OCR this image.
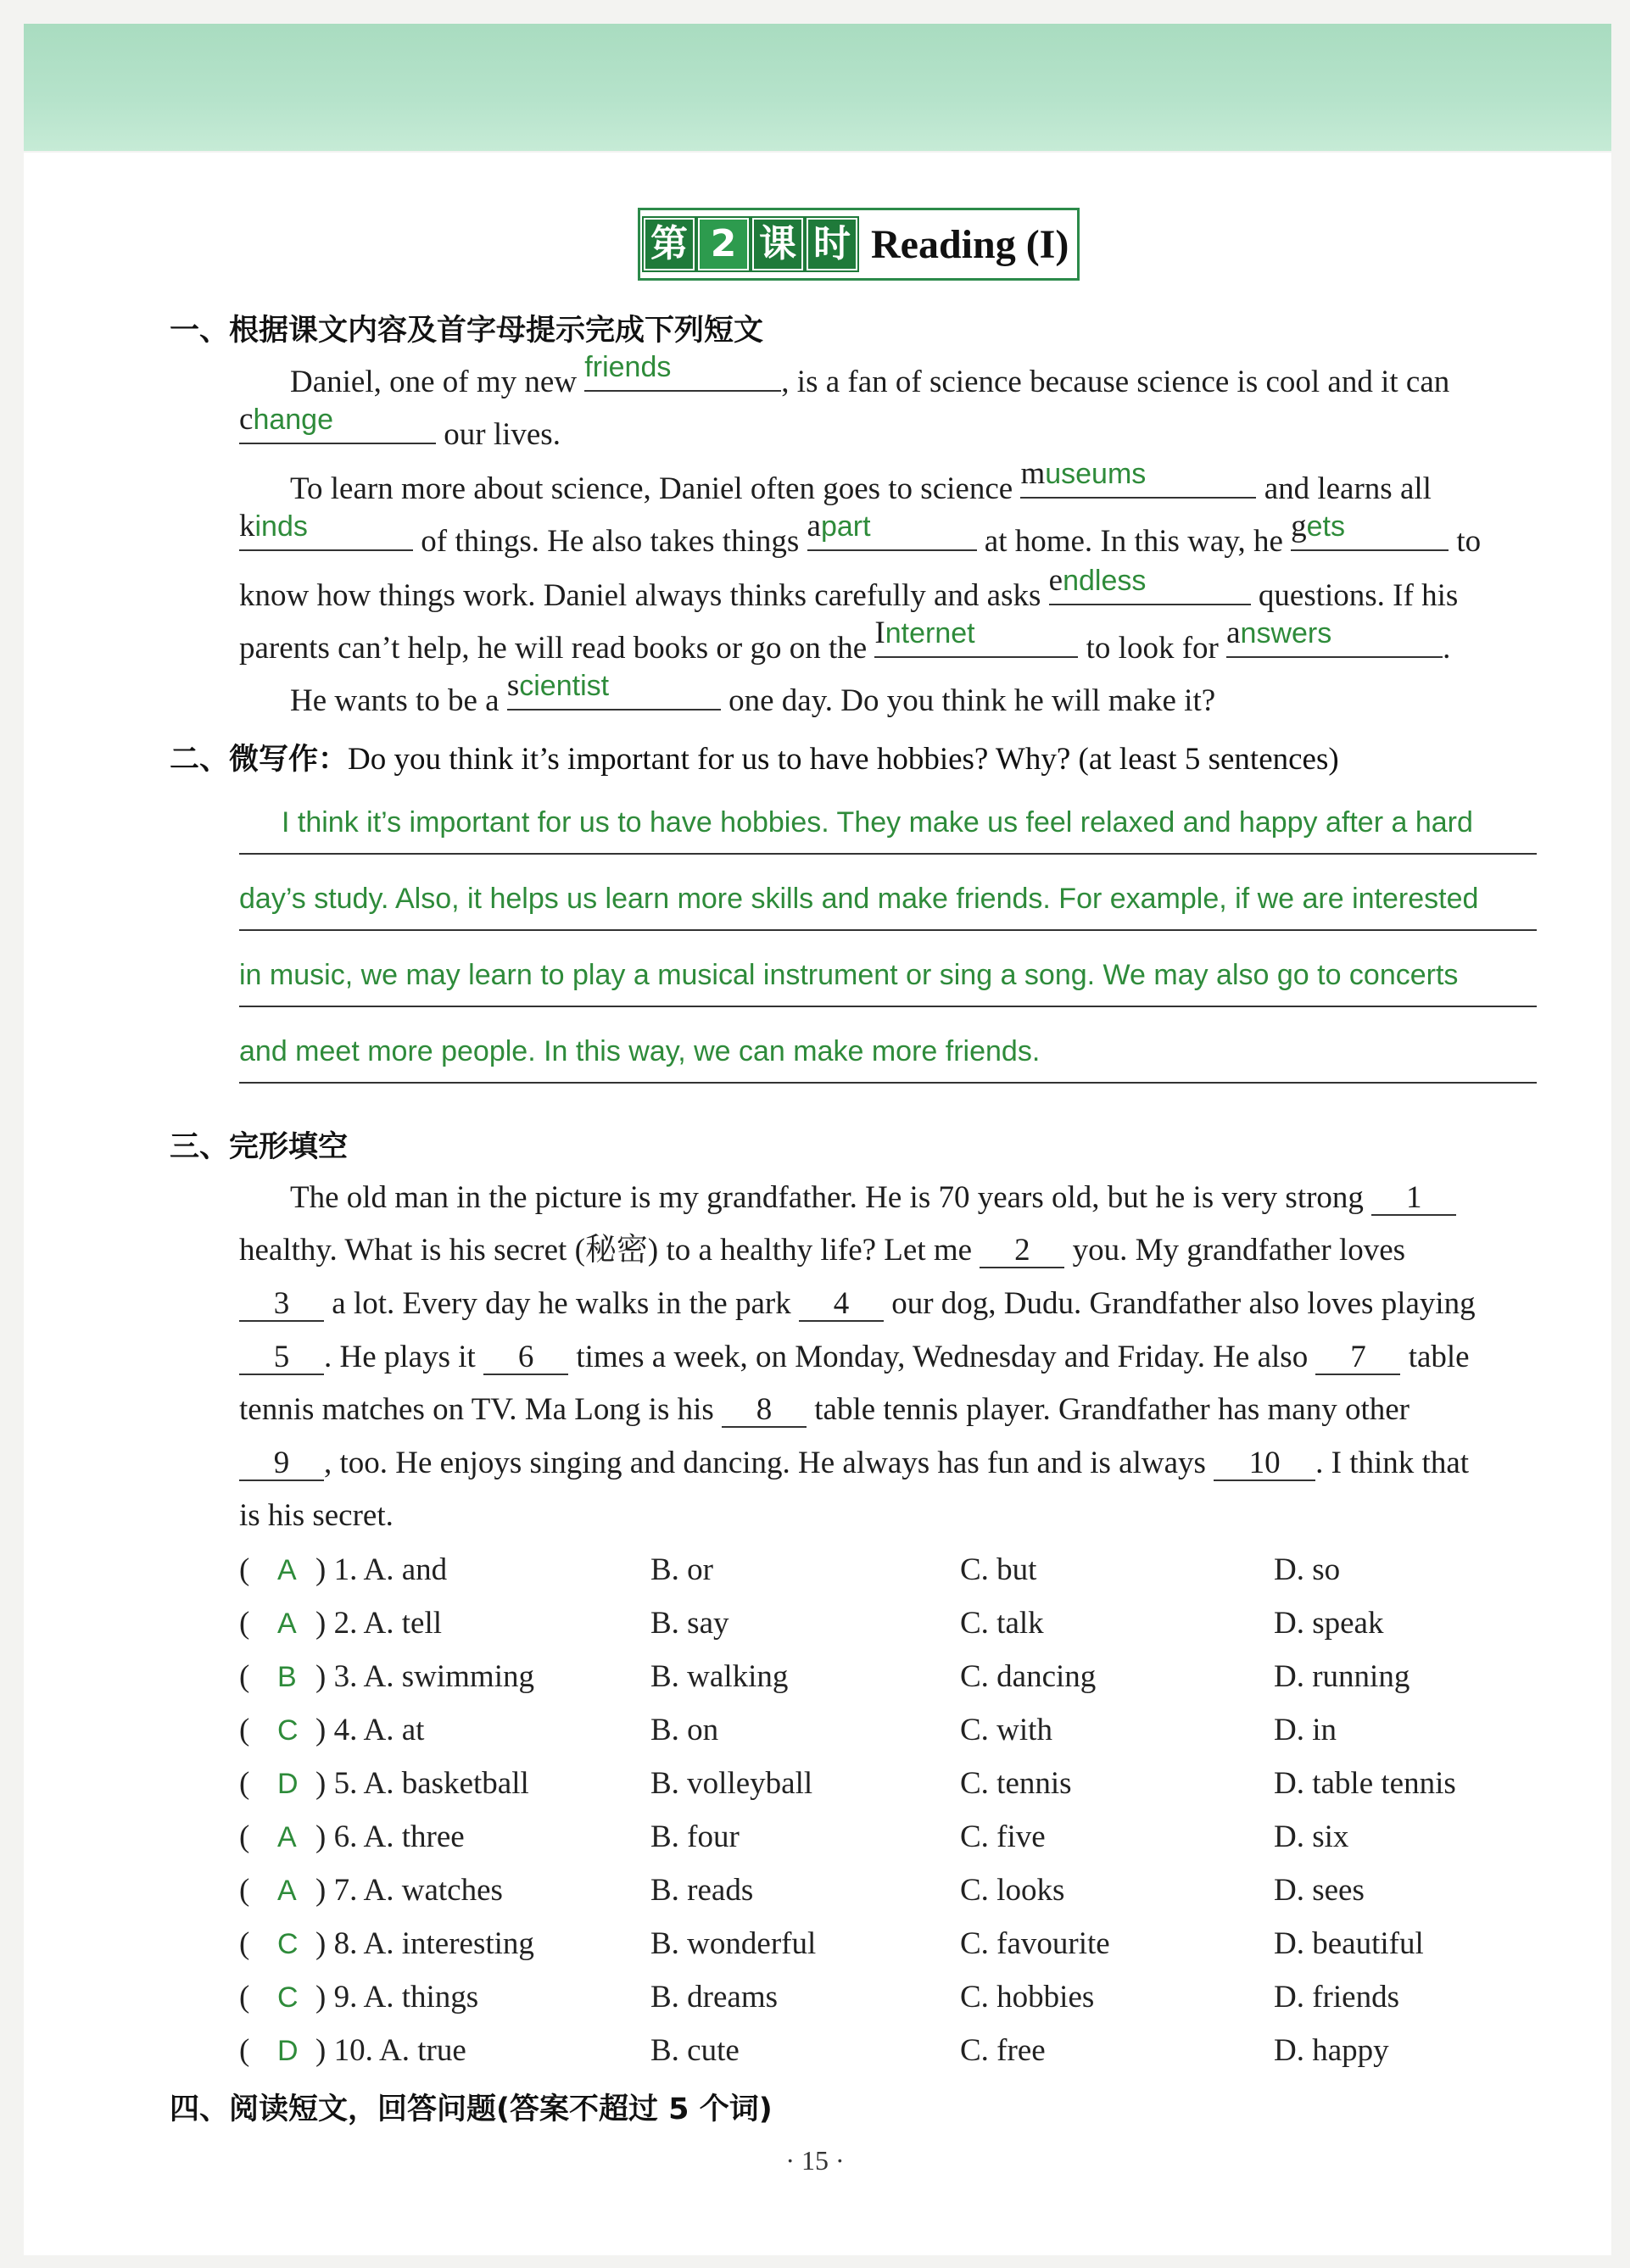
第 2 课 时 Reading (I)
一、根据课文内容及首字母提示完成下列短文
Daniel, one of my new friends	, is a fan of science because science is cool and it can
change	our lives.
To learn more about science, Daniel often goes to science museums	and learns all
kinds	of things. He also takes things apart	at home. In this way, he gets	to
know how things work. Daniel always thinks carefully and asks endless	questions. If his
parents can’t help, he will read books or go on the Internet	to look for answers	.
He wants to be a scientist	one day. Do you think he will make it?
二、微写作：Do you think it’s important for us to have hobbies? Why? (at least 5 sentences)
I think it’s important for us to have hobbies. They make us feel relaxed and happy after a hard
day’s study. Also, it helps us learn more skills and make friends. For example, if we are interested
in music, we may learn to play a musical instrument or sing a song. We may also go to concerts
and meet more people. In this way, we can make more friends.
三、完形填空
The old man in the picture is my grandfather. He is 70 years old, but he is very strong 1
healthy. What is his secret (秘密) to a healthy life? Let me 2 you. My grandfather loves
3 a lot. Every day he walks in the park 4 our dog, Dudu. Grandfather also loves playing
5 . He plays it 6 times a week, on Monday, Wednesday and Friday. He also 7 table
tennis matches on TV. Ma Long is his 8 table tennis player. Grandfather has many other
9 , too. He enjoys singing and dancing. He always has fun and is always 10 . I think that
is his secret.
( A ) 1. A. and	B. or	C. but	D. so
( A ) 2. A. tell	B. say	C. talk	D. speak
( B ) 3. A. swimming	B. walking	C. dancing	D. running
( C ) 4. A. at	B. on	C. with	D. in
( D ) 5. A. basketball	B. volleyball	C. tennis	D. table tennis
( A ) 6. A. three	B. four	C. five	D. six
( A ) 7. A. watches	B. reads	C. looks	D. sees
( C ) 8. A. interesting	B. wonderful	C. favourite	D. beautiful
( C ) 9. A. things	B. dreams	C. hobbies	D. friends
( D ) 10. A. true	B. cute	C. free	D. happy
四、阅读短文，回答问题(答案不超过 5 个词)
· 15 ·
